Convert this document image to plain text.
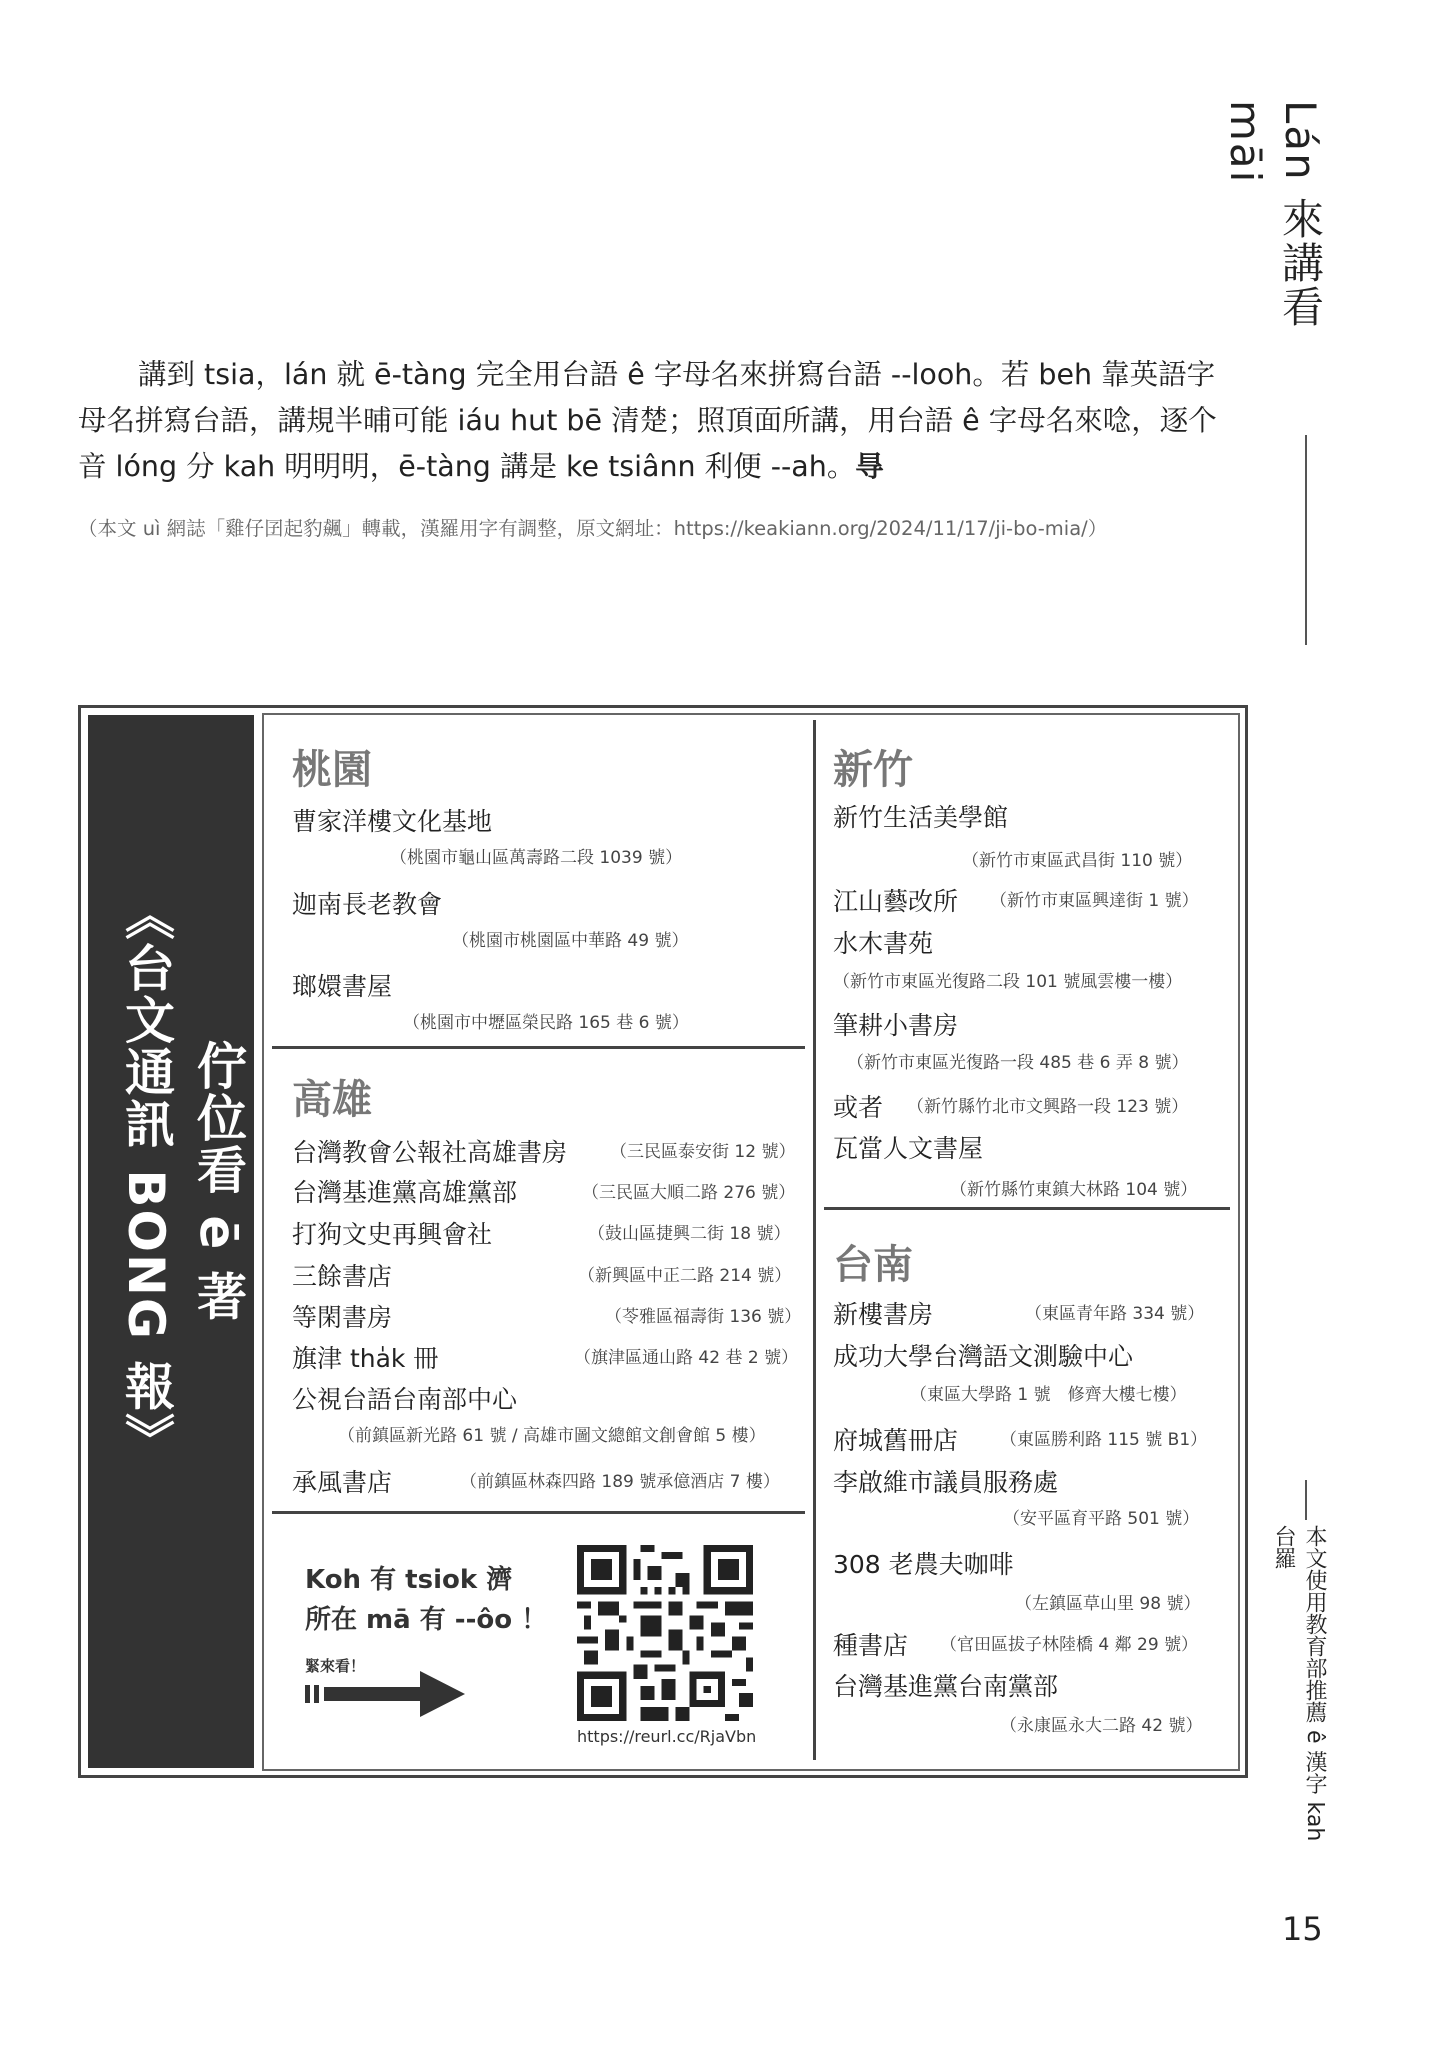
Lán 來講看 māi
本文使用教育部推薦 ê 漢字 kah 台羅
15
講到 tsia，lán 就 ē-tàng 完全用台語 ê 字母名來拼寫台語 --looh。若 beh 靠英語字母名拼寫台語，講規半晡可能 iáu hut bē 清楚；照頂面所講，用台語 ê 字母名來唸，逐个音 lóng 分 kah 明明明，ē-tàng 講是 ke tsiânn 利便 --ah。㝵
（本文 uì 網誌「雞仔囝起豹飆」轉載，漢羅用字有調整，原文網址：https://keakiann.org/2024/11/17/ji-bo-mia/）
《台文通訊 BONG 報》 佇位看 ē 著
桃園
曹家洋樓文化基地
（桃園市龜山區萬壽路二段 1039 號）
迦南長老教會
（桃園市桃園區中華路 49 號）
瑯嬛書屋
（桃園市中壢區榮民路 165 巷 6 號）
高雄
台灣教會公報社高雄書房	（三民區泰安街 12 號）
台灣基進黨高雄黨部	（三民區大順二路 276 號）
打狗文史再興會社	（鼓山區捷興二街 18 號）
三餘書店	（新興區中正二路 214 號）
等閑書房	（苓雅區福壽街 136 號）
旗津 tha̍k 冊	（旗津區通山路 42 巷 2 號）
公視台語台南部中心
（前鎮區新光路 61 號 / 高雄市圖文總館文創會館 5 樓）
承風書店	（前鎮區林森四路 189 號承億酒店 7 樓）
Koh 有 tsiok 濟
所在 mā 有 --ôo ！
緊來看！
https://reurl.cc/RjaVbn
新竹
新竹生活美學館
（新竹市東區武昌街 110 號）
江山藝改所 （新竹市東區興達街 1 號）
水木書苑
（新竹市東區光復路二段 101 號風雲樓一樓）
筆耕小書房
（新竹市東區光復路一段 485 巷 6 弄 8 號）
或者 （新竹縣竹北市文興路一段 123 號）
瓦當人文書屋
（新竹縣竹東鎮大林路 104 號）
台南
新樓書房	（東區青年路 334 號）
成功大學台灣語文測驗中心
（東區大學路 1 號　修齊大樓七樓）
府城舊冊店 （東區勝利路 115 號 B1）
李啟維市議員服務處
（安平區育平路 501 號）
308 老農夫咖啡
（左鎮區草山里 98 號）
種書店 （官田區拔子林陸橋 4 鄰 29 號）
台灣基進黨台南黨部
（永康區永大二路 42 號）
